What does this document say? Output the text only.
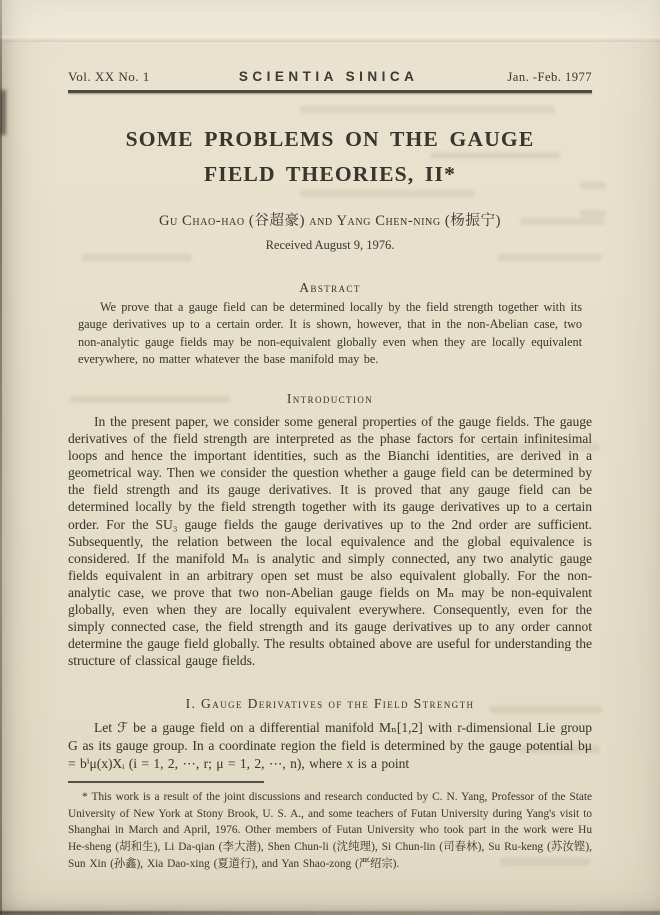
Vol. XX No. 1	SCIENTIA SINICA	Jan. -Feb. 1977
SOME PROBLEMS ON THE GAUGE
FIELD THEORIES, II*
Gu Chao-hao (谷超豪) and Yang Chen-ning (杨振宁)
Received August 9, 1976.
Abstract

We prove that a gauge field can be determined locally by the field strength together with its gauge derivatives up to a certain order. It is shown, however, that in the non-Abelian case, two non-analytic gauge fields may be non-equivalent globally even when they are locally equivalent everywhere, no matter whatever the base manifold may be.

Introduction

In the present paper, we consider some general properties of the gauge fields. The gauge derivatives of the field strength are interpreted as the phase factors for certain infinitesimal loops and hence the important identities, such as the Bianchi identities, are derived in a geometrical way. Then we consider the question whether a gauge field can be determined by the field strength and its gauge derivatives. It is proved that any gauge field can be determined locally by the field strength together with its gauge derivatives up to a certain order. For the SU₃ gauge fields the gauge derivatives up to the 2nd order are sufficient. Subsequently, the relation between the local equivalence and the global equivalence is considered. If the manifold Mₙ is analytic and simply connected, any two analytic gauge fields equivalent in an arbitrary open set must be also equivalent globally. For the non-analytic case, we prove that two non-Abelian gauge fields on Mₙ may be non-equivalent globally, even when they are locally equivalent everywhere. Consequently, even for the simply connected case, the field strength and its gauge derivatives up to any order cannot determine the gauge field globally. The results obtained above are useful for understanding the structure of classical gauge fields.

I. Gauge Derivatives of the Field Strength

Let ℱ be a gauge field on a differential manifold Mₙ[1,2] with r-dimensional Lie group G as its gauge group. In a coordinate region the field is determined by the gauge potential bμ = bⁱμ(x)Xᵢ (i = 1, 2, ⋯, r; μ = 1, 2, ⋯, n), where x is a point

* This work is a result of the joint discussions and research conducted by C. N. Yang, Professor of the State University of New York at Stony Brook, U. S. A., and some teachers of Futan University during Yang's visit to Shanghai in March and April, 1976. Other members of Futan University who took part in the work were Hu He-sheng (胡和生), Li Da-qian (李大潜), Shen Chun-li (沈纯理), Si Chun-lin (司春林), Su Ru-keng (苏汝铿), Sun Xin (孙鑫), Xia Dao-xing (夏道行), and Yan Shao-zong (严绍宗).
